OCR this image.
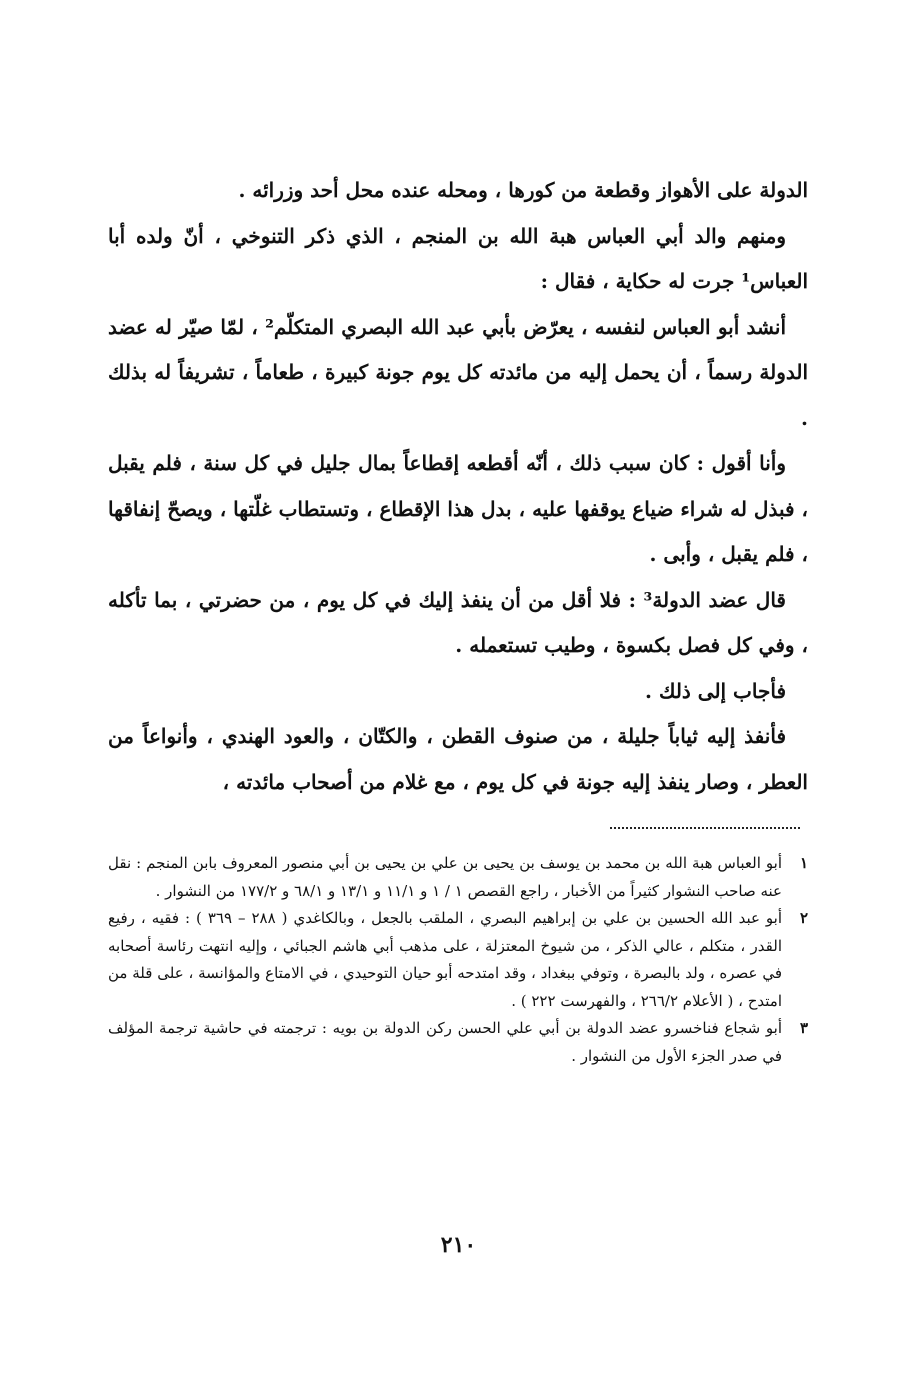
الدولة على الأهواز وقطعة من كورها ، ومحله عنده محل أحد وزرائه .

ومنهم والد أبي العباس هبة الله بن المنجم ، الذي ذكر التنوخي ، أنّ ولده أبا العباس¹ جرت له حكاية ، فقال :

أنشد أبو العباس لنفسه ، يعرّض بأبي عبد الله البصري المتكلّم² ، لمّا صيّر له عضد الدولة رسماً ، أن يحمل إليه من مائدته كل يوم جونة كبيرة ، طعاماً ، تشريفاً له بذلك .

وأنا أقول : كان سبب ذلك ، أنّه أقطعه إقطاعاً بمال جليل في كل سنة ، فلم يقبل ، فبذل له شراء ضياع يوقفها عليه ، بدل هذا الإقطاع ، وتستطاب غلّتها ، ويصحّ إنفاقها ، فلم يقبل ، وأبى .

قال عضد الدولة³ : فلا أقل من أن ينفذ إليك في كل يوم ، من حضرتي ، بما تأكله ، وفي كل فصل بكسوة ، وطيب تستعمله .

فأجاب إلى ذلك .

فأنفذ إليه ثياباً جليلة ، من صنوف القطن ، والكتّان ، والعود الهندي ، وأنواعاً من العطر ، وصار ينفذ إليه جونة في كل يوم ، مع غلام من أصحاب مائدته ،

١
أبو العباس هبة الله بن محمد بن يوسف بن يحيى بن علي بن يحيى بن أبي منصور المعروف بابن المنجم : نقل عنه صاحب النشوار كثيراً من الأخبار ، راجع القصص ١ / ١ و ١١/١ و ١٣/١ و ٦٨/١ و ١٧٧/٢ من النشوار .
٢
أبو عبد الله الحسين بن علي بن إبراهيم البصري ، الملقب بالجعل ، وبالكاغدي ( ٢٨٨ – ٣٦٩ ) : فقيه ، رفيع القدر ، متكلم ، عالي الذكر ، من شيوخ المعتزلة ، على مذهب أبي هاشم الجبائي ، وإليه انتهت رئاسة أصحابه في عصره ، ولد بالبصرة ، وتوفي ببغداد ، وقد امتدحه أبو حيان التوحيدي ، في الامتاع والمؤانسة ، على قلة من امتدح ، ( الأعلام ٢٦٦/٢ ، والفهرست ٢٢٢ ) .
٣
أبو شجاع فناخسرو عضد الدولة بن أبي علي الحسن ركن الدولة بن بويه : ترجمته في حاشية ترجمة المؤلف في صدر الجزء الأول من النشوار .
٢١٠
